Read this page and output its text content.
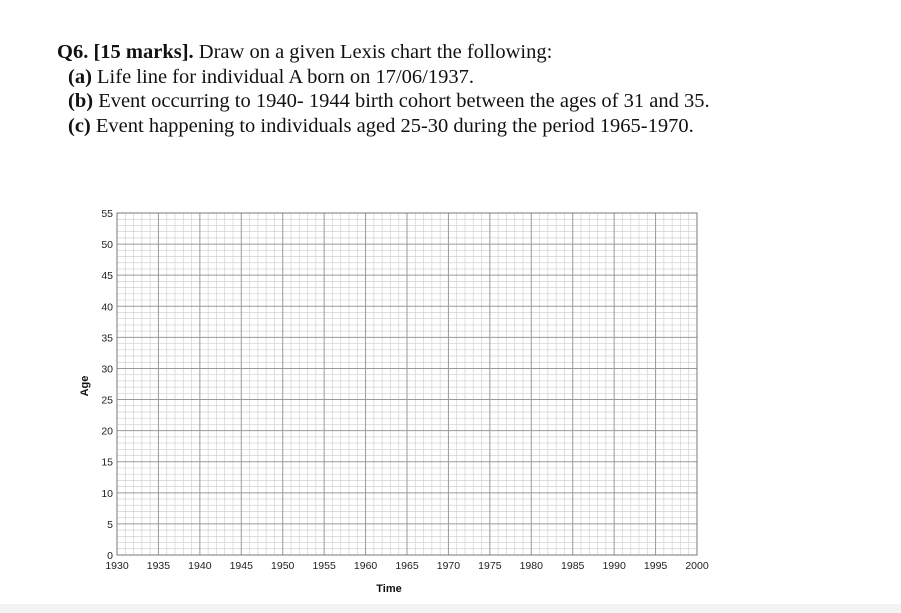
Q6. [15 marks]. Draw on a given Lexis chart the following:
(a) Life line for individual A born on 17/06/1937.
(b) Event occurring to 1940- 1944 birth cohort between the ages of 31 and 35.
(c) Event happening to individuals aged 25-30 during the period 1965-1970.
0
5
10
15
20
25
30
35
40
45
50
55
1930 1935 1940 1945 1950 1955 1960 1965 1970 1975 1980 1985 1990 1995 2000
Age
Time
